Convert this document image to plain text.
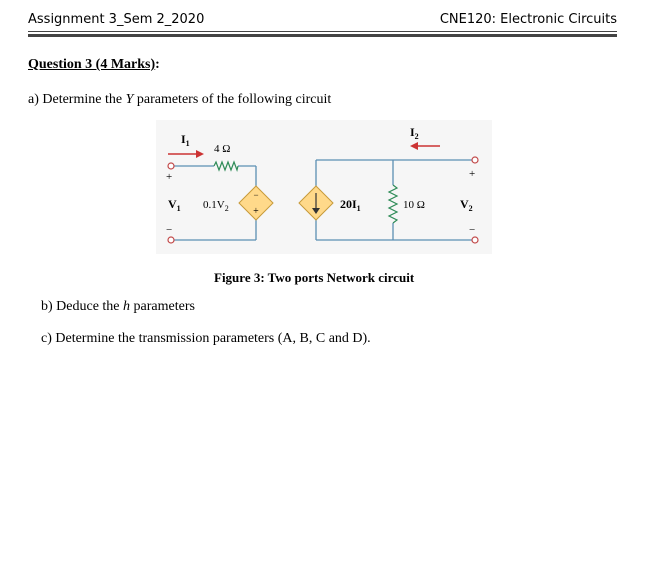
Assignment 3_Sem 2_2020	CNE120: Electronic Circuits
Question 3 (4 Marks):
a) Determine the Y parameters of the following circuit
−
+
$I_1$
$I_2$
4 Ω
10 Ω
+
−
+
−
$V_1$	$V_2$
$0.1V_2$	$20I_1$
Figure 3: Two ports Network circuit
b) Deduce the h parameters
c) Determine the transmission parameters (A, B, C and D).
